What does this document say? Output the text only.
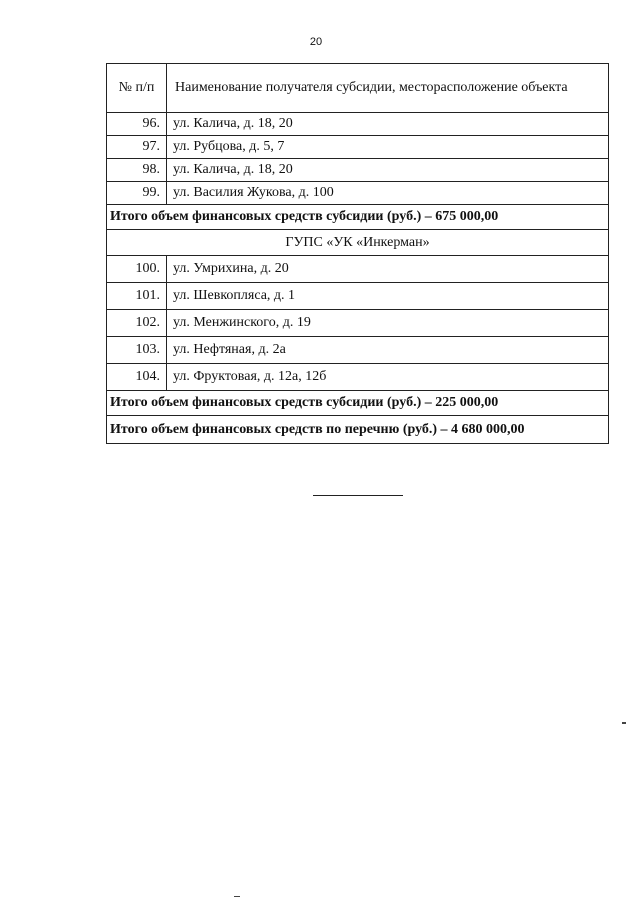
20
№ п/п	Наименование получателя субсидии, месторасположение объекта
96.	ул. Калича, д. 18, 20
97.	ул. Рубцова, д. 5, 7
98.	ул. Калича, д. 18, 20
99.	ул. Василия Жукова, д. 100
Итого объем финансовых средств субсидии (руб.) – 675 000,00	
ГУПС «УК «Инкерман»	
100.	ул. Умрихина, д. 20
101.	ул. Шевкопляса, д. 1
102.	ул. Менжинского, д. 19
103.	ул. Нефтяная, д. 2а
104.	ул. Фруктовая, д. 12а, 12б
Итого объем финансовых средств субсидии (руб.) – 225 000,00	
Итого объем финансовых средств по перечню (руб.) – 4 680 000,00	
